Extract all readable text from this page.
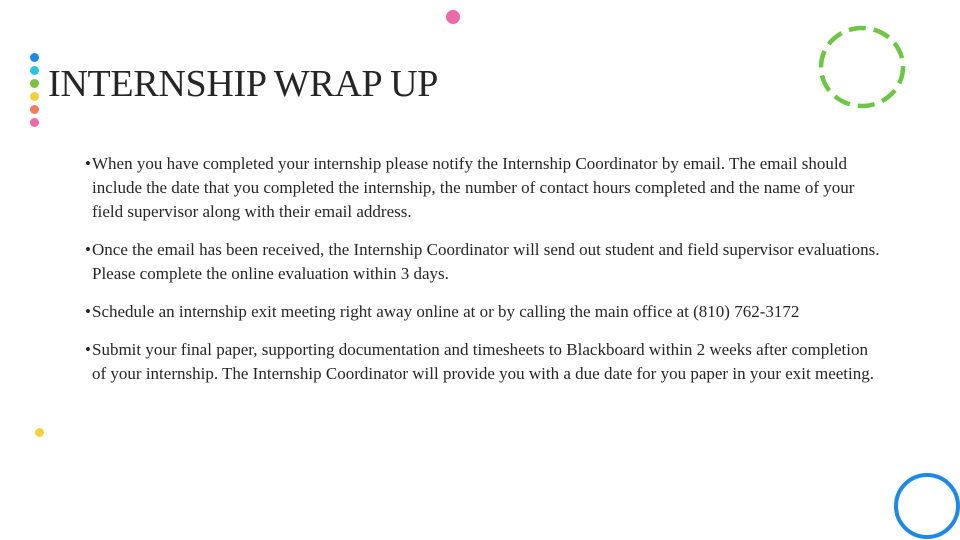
INTERNSHIP WRAP UP
• When you have completed your internship please notify the Internship Coordinator by email. The email should include the date that you completed the internship, the number of contact hours completed and the name of your field supervisor along with their email address.
• Once the email has been received, the Internship Coordinator will send out student and field supervisor evaluations. Please complete the online evaluation within 3 days.
• Schedule an internship exit meeting right away online at or by calling the main office at (810) 762-3172
• Submit your final paper, supporting documentation and timesheets to Blackboard within 2 weeks after completion of your internship. The Internship Coordinator will provide you with a due date for you paper in your exit meeting.
